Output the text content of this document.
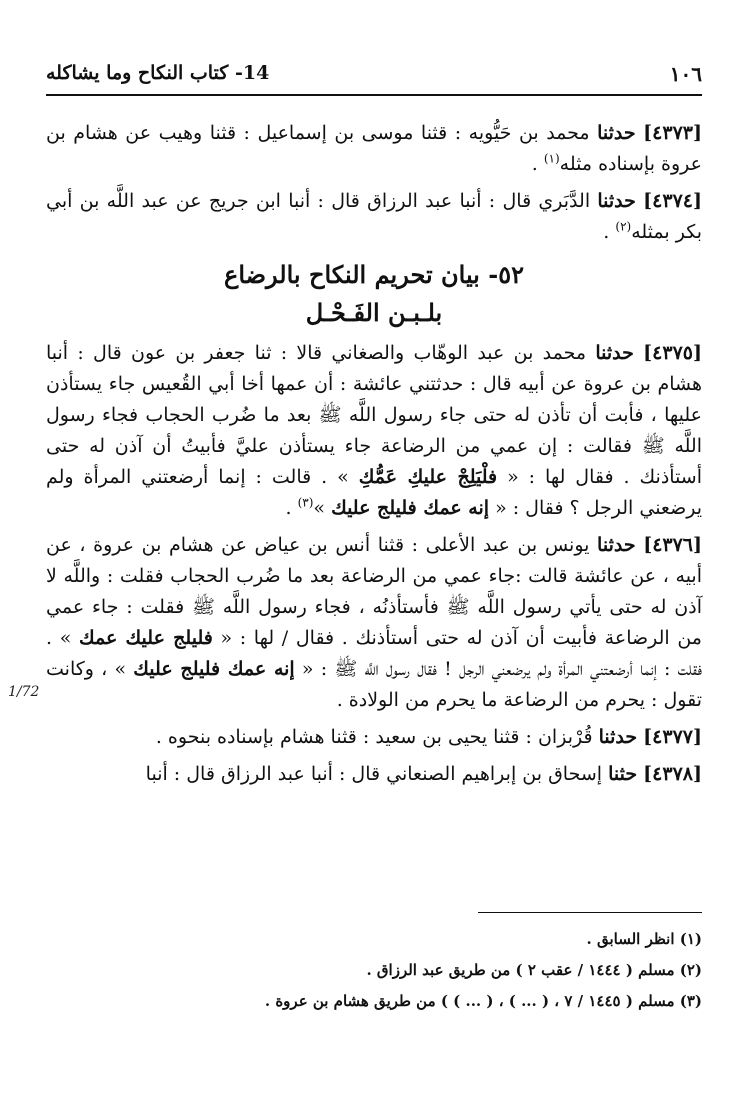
١٠٦
14- كتاب النكاح وما يشاكله
1/72

[٤٣٧٣] حدثنا محمد بن حَيُّويه : قثنا موسى بن إسماعيل : قثنا وهيب عن هشام بن عروة بإسناده مثله$^{(١)}$ .

[٤٣٧٤] حدثنا الدَّبَري قال : أنبا عبد الرزاق قال : أنبا ابن جريج عن عبد اللَّه بن أبي بكر بمثله$^{(٢)}$ .

٥٢- بيان تحريم النكاح بالرضاع
بلـبـن الفَـحْـل

[٤٣٧٥] حدثنا محمد بن عبد الوهّاب والصغاني قالا : ثنا جعفر بن عون قال : أنبا هشام بن عروة عن أبيه قال : حدثتني عائشة : أن عمها أخا أبي القُعيس جاء يستأذن عليها ، فأبت أن تأذن له حتى جاء رسول اللَّه ﷺ بعد ما ضُرب الحجاب فجاء رسول اللَّه ﷺ فقالت : إن عمي من الرضاعة جاء يستأذن عليَّ فأبيتُ أن آذن له حتى أستأذنك . فقال لها : « فلْيَلِجْ عليكِ عَمُّكِ » . قالت : إنما أرضعتني المرأة ولم يرضعني الرجل ؟ فقال : « إنه عمك فليلج عليك »$^{(٣)}$ .

[٤٣٧٦] حدثنا يونس بن عبد الأعلى : قثنا أنس بن عياض عن هشام بن عروة ، عن أبيه ، عن عائشة قالت :جاء عمي من الرضاعة بعد ما ضُرب الحجاب فقلت : واللَّه لا آذن له حتى يأتي رسول اللَّه ﷺ فأستأذنُه ، فجاء رسول اللَّه ﷺ فقلت : جاء عمي من الرضاعة فأبيت أن آذن له حتى أستأذنك . فقال / لها : « فليلج عليك عمك » . فقلت : إنما أرضعتني المرأة ولم يرضعني الرجل ! فقال رسول اللَّه ﷺ : « إنه عمك فليلج عليك » ، وكانت تقول : يحرم من الرضاعة ما يحرم من الولادة .

[٤٣٧٧] حدثنا قُرْبزان : قثنا يحيى بن سعيد : قثنا هشام بإسناده بنحوه .

[٤٣٧٨] حثنا إسحاق بن إبراهيم الصنعاني قال : أنبا عبد الرزاق قال : أنبا

(١) انظر السابق .

(٢) مسلم ( ١٤٤٤ / عقب ٢ ) من طريق عبد الرزاق .

(٣) مسلم ( ١٤٤٥ / ٧ ، ( ... ) ، ( ... ) ) من طريق هشام بن عروة .
